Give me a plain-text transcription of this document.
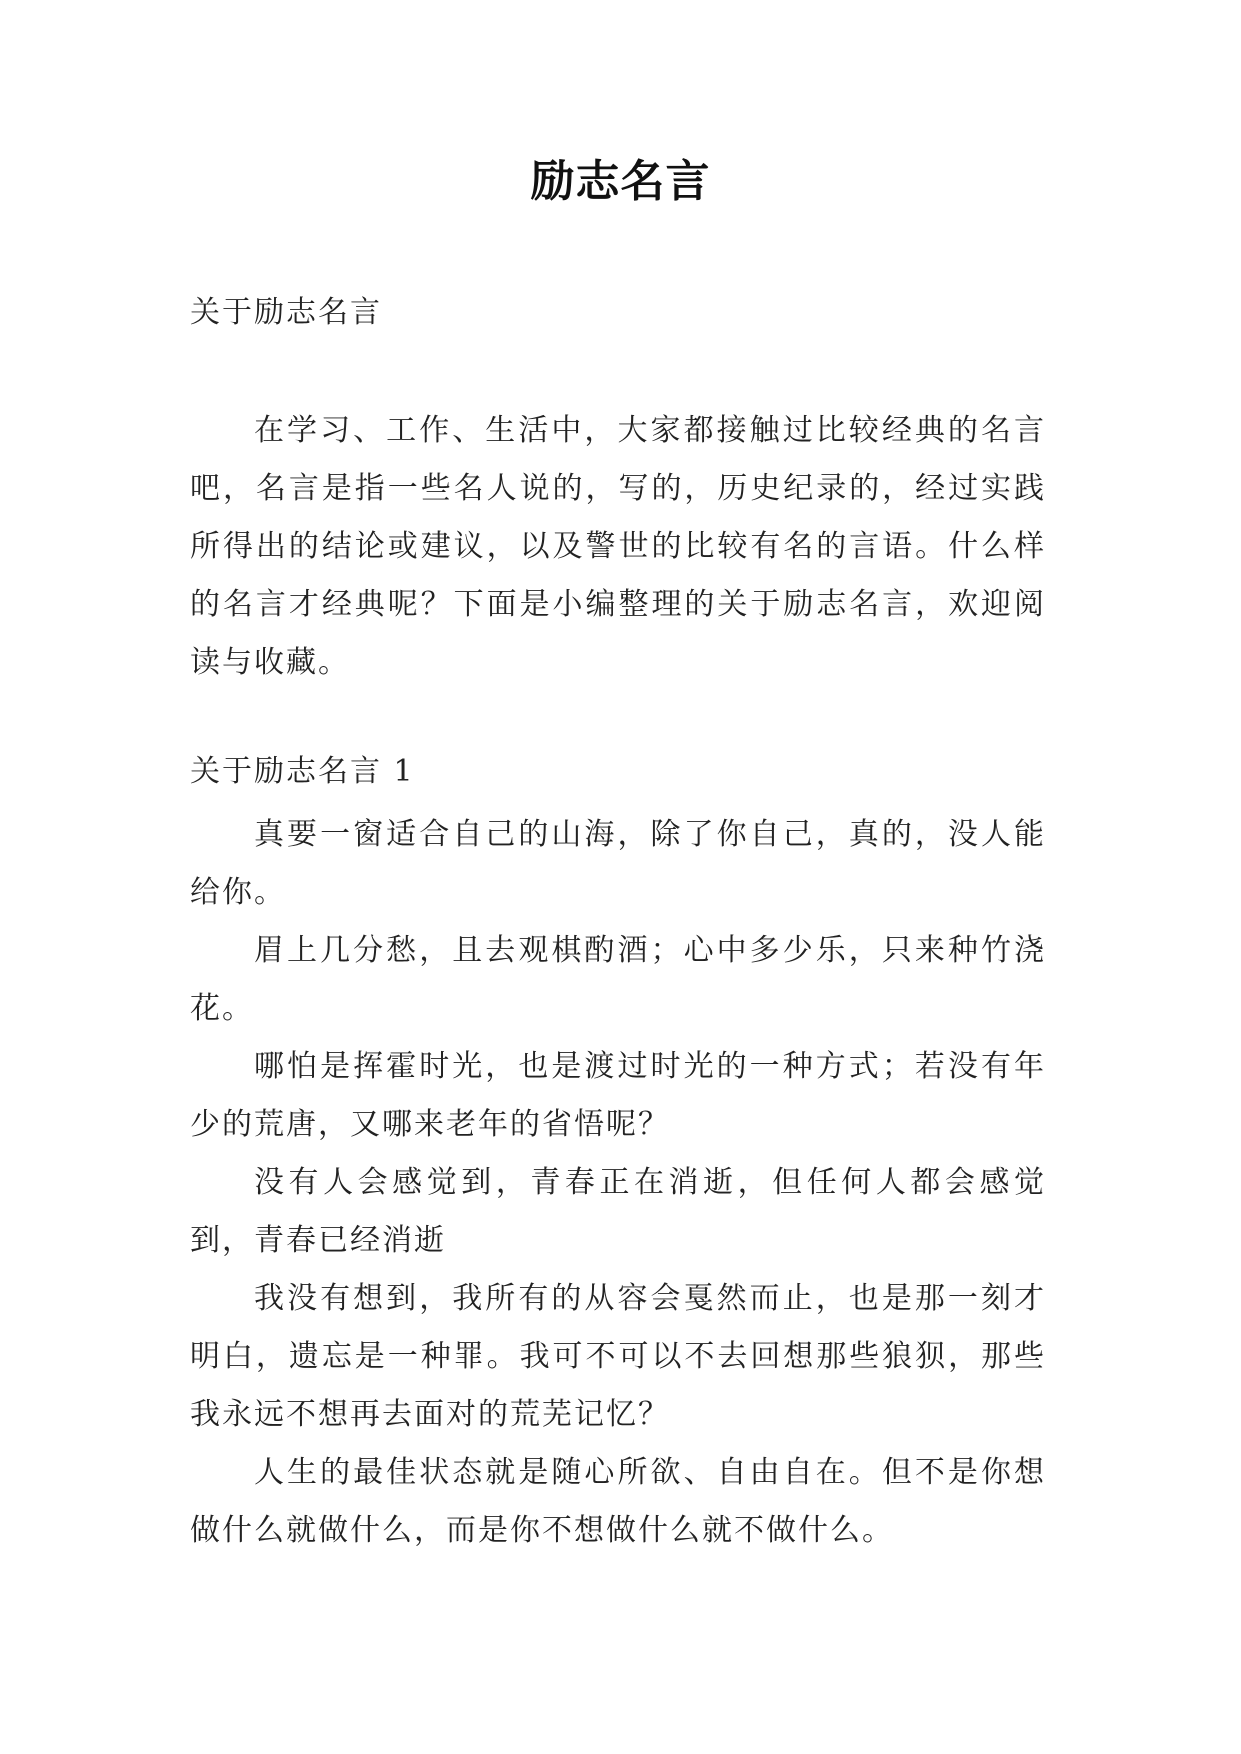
励志名言
关于励志名言

在学习、工作、生活中，大家都接触过比较经典的名言吧，名言是指一些名人说的，写的，历史纪录的，经过实践所得出的结论或建议，以及警世的比较有名的言语。什么样的名言才经典呢？下面是小编整理的关于励志名言，欢迎阅读与收藏。

关于励志名言 1

真要一窗适合自己的山海，除了你自己，真的，没人能给你。

眉上几分愁，且去观棋酌酒；心中多少乐，只来种竹浇花。

哪怕是挥霍时光，也是渡过时光的一种方式；若没有年少的荒唐，又哪来老年的省悟呢？

没有人会感觉到，青春正在消逝，但任何人都会感觉到，青春已经消逝

我没有想到，我所有的从容会戛然而止，也是那一刻才明白，遗忘是一种罪。我可不可以不去回想那些狼狈，那些我永远不想再去面对的荒芜记忆？

人生的最佳状态就是随心所欲、自由自在。但不是你想做什么就做什么，而是你不想做什么就不做什么。
